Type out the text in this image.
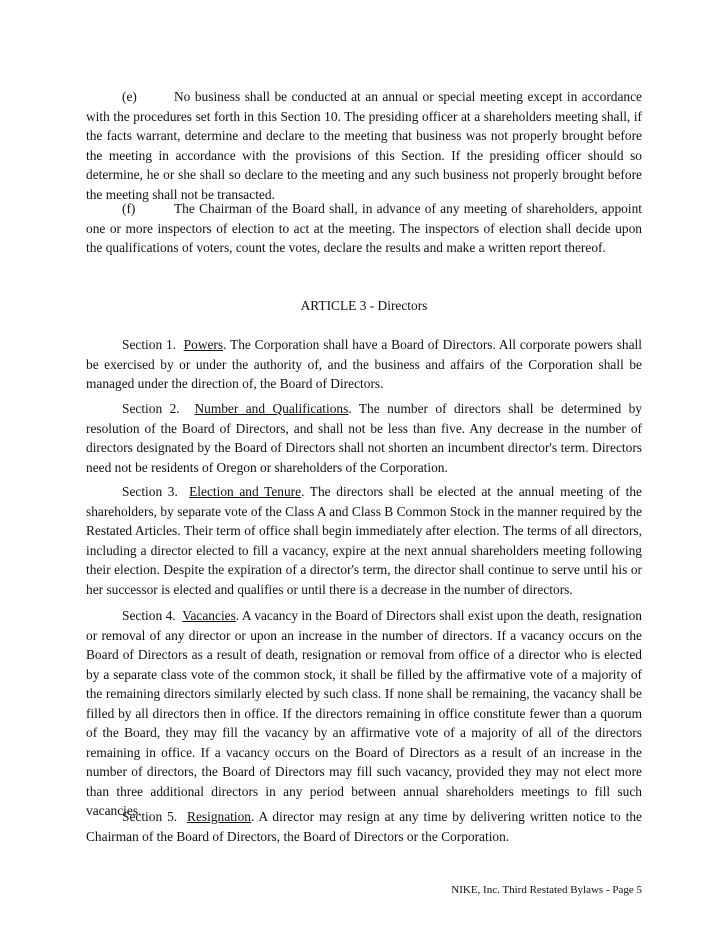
(e)	No business shall be conducted at an annual or special meeting except in accordance with the procedures set forth in this Section 10. The presiding officer at a shareholders meeting shall, if the facts warrant, determine and declare to the meeting that business was not properly brought before the meeting in accordance with the provisions of this Section. If the presiding officer should so determine, he or she shall so declare to the meeting and any such business not properly brought before the meeting shall not be transacted.

(f)	The Chairman of the Board shall, in advance of any meeting of shareholders, appoint one or more inspectors of election to act at the meeting. The inspectors of election shall decide upon the qualifications of voters, count the votes, declare the results and make a written report thereof.

ARTICLE 3 - Directors

Section 1. Powers. The Corporation shall have a Board of Directors. All corporate powers shall be exercised by or under the authority of, and the business and affairs of the Corporation shall be managed under the direction of, the Board of Directors.

Section 2. Number and Qualifications. The number of directors shall be determined by resolution of the Board of Directors, and shall not be less than five. Any decrease in the number of directors designated by the Board of Directors shall not shorten an incumbent director's term. Directors need not be residents of Oregon or shareholders of the Corporation.

Section 3. Election and Tenure. The directors shall be elected at the annual meeting of the shareholders, by separate vote of the Class A and Class B Common Stock in the manner required by the Restated Articles. Their term of office shall begin immediately after election. The terms of all directors, including a director elected to fill a vacancy, expire at the next annual shareholders meeting following their election. Despite the expiration of a director's term, the director shall continue to serve until his or her successor is elected and qualifies or until there is a decrease in the number of directors.

Section 4. Vacancies. A vacancy in the Board of Directors shall exist upon the death, resignation or removal of any director or upon an increase in the number of directors. If a vacancy occurs on the Board of Directors as a result of death, resignation or removal from office of a director who is elected by a separate class vote of the common stock, it shall be filled by the affirmative vote of a majority of the remaining directors similarly elected by such class. If none shall be remaining, the vacancy shall be filled by all directors then in office. If the directors remaining in office constitute fewer than a quorum of the Board, they may fill the vacancy by an affirmative vote of a majority of all of the directors remaining in office. If a vacancy occurs on the Board of Directors as a result of an increase in the number of directors, the Board of Directors may fill such vacancy, provided they may not elect more than three additional directors in any period between annual shareholders meetings to fill such vacancies.

Section 5. Resignation. A director may resign at any time by delivering written notice to the Chairman of the Board of Directors, the Board of Directors or the Corporation.

NIKE, Inc. Third Restated Bylaws - Page 5
